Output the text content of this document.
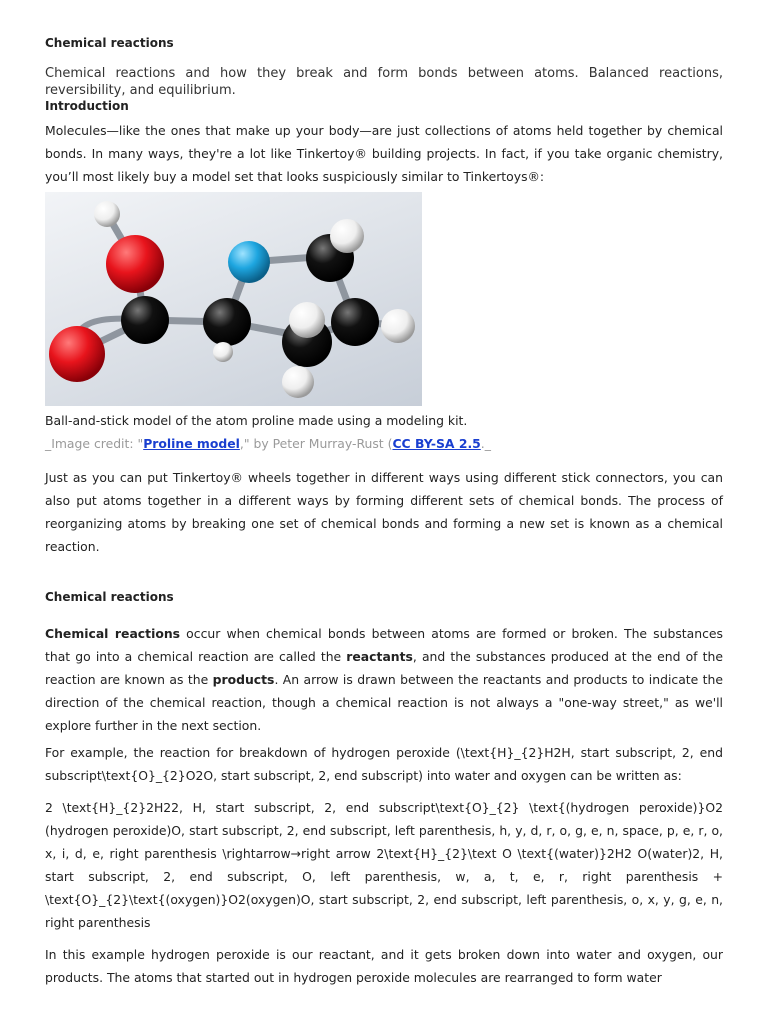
Chemical reactions

Chemical reactions and how they break and form bonds between atoms. Balanced reactions, reversibility, and equilibrium.

Introduction

Molecules—like the ones that make up your body—are just collections of atoms held together by chemical bonds. In many ways, they're a lot like Tinkertoy® building projects. In fact, if you take organic chemistry, you’ll most likely buy a model set that looks suspiciously similar to Tinkertoys®:

Ball-and-stick model of the atom proline made using a modeling kit.

_Image credit: "Proline model," by Peter Murray-Rust (CC BY-SA 2.5._

Just as you can put Tinkertoy® wheels together in different ways using different stick connectors, you can also put atoms together in a different ways by forming different sets of chemical bonds. The process of reorganizing atoms by breaking one set of chemical bonds and forming a new set is known as a chemical reaction.

Chemical reactions

Chemical reactions occur when chemical bonds between atoms are formed or broken. The substances that go into a chemical reaction are called the reactants, and the substances produced at the end of the reaction are known as the products. An arrow is drawn between the reactants and products to indicate the direction of the chemical reaction, though a chemical reaction is not always a "one-way street," as we'll explore further in the next section.

For example, the reaction for breakdown of hydrogen peroxide (\text{H}_{2}H2H, start subscript, 2, end subscript\text{O}_{2}O2O, start subscript, 2, end subscript) into water and oxygen can be written as:

2 \text{H}_{2}2H22, H, start subscript, 2, end subscript\text{O}_{2} \text{(hydrogen peroxide)}O2 (hydrogen peroxide)O, start subscript, 2, end subscript, left parenthesis, h, y, d, r, o, g, e, n, space, p, e, r, o, x, i, d, e, right parenthesis \rightarrow→right arrow 2\text{H}_{2}\text O \text{(water)}2H2 O(water)2, H, start subscript, 2, end subscript, O, left parenthesis, w, a, t, e, r, right parenthesis + \text{O}_{2}\text{(oxygen)}O2(oxygen)O, start subscript, 2, end subscript, left parenthesis, o, x, y, g, e, n, right parenthesis

In this example hydrogen peroxide is our reactant, and it gets broken down into water and oxygen, our products. The atoms that started out in hydrogen peroxide molecules are rearranged to form water
